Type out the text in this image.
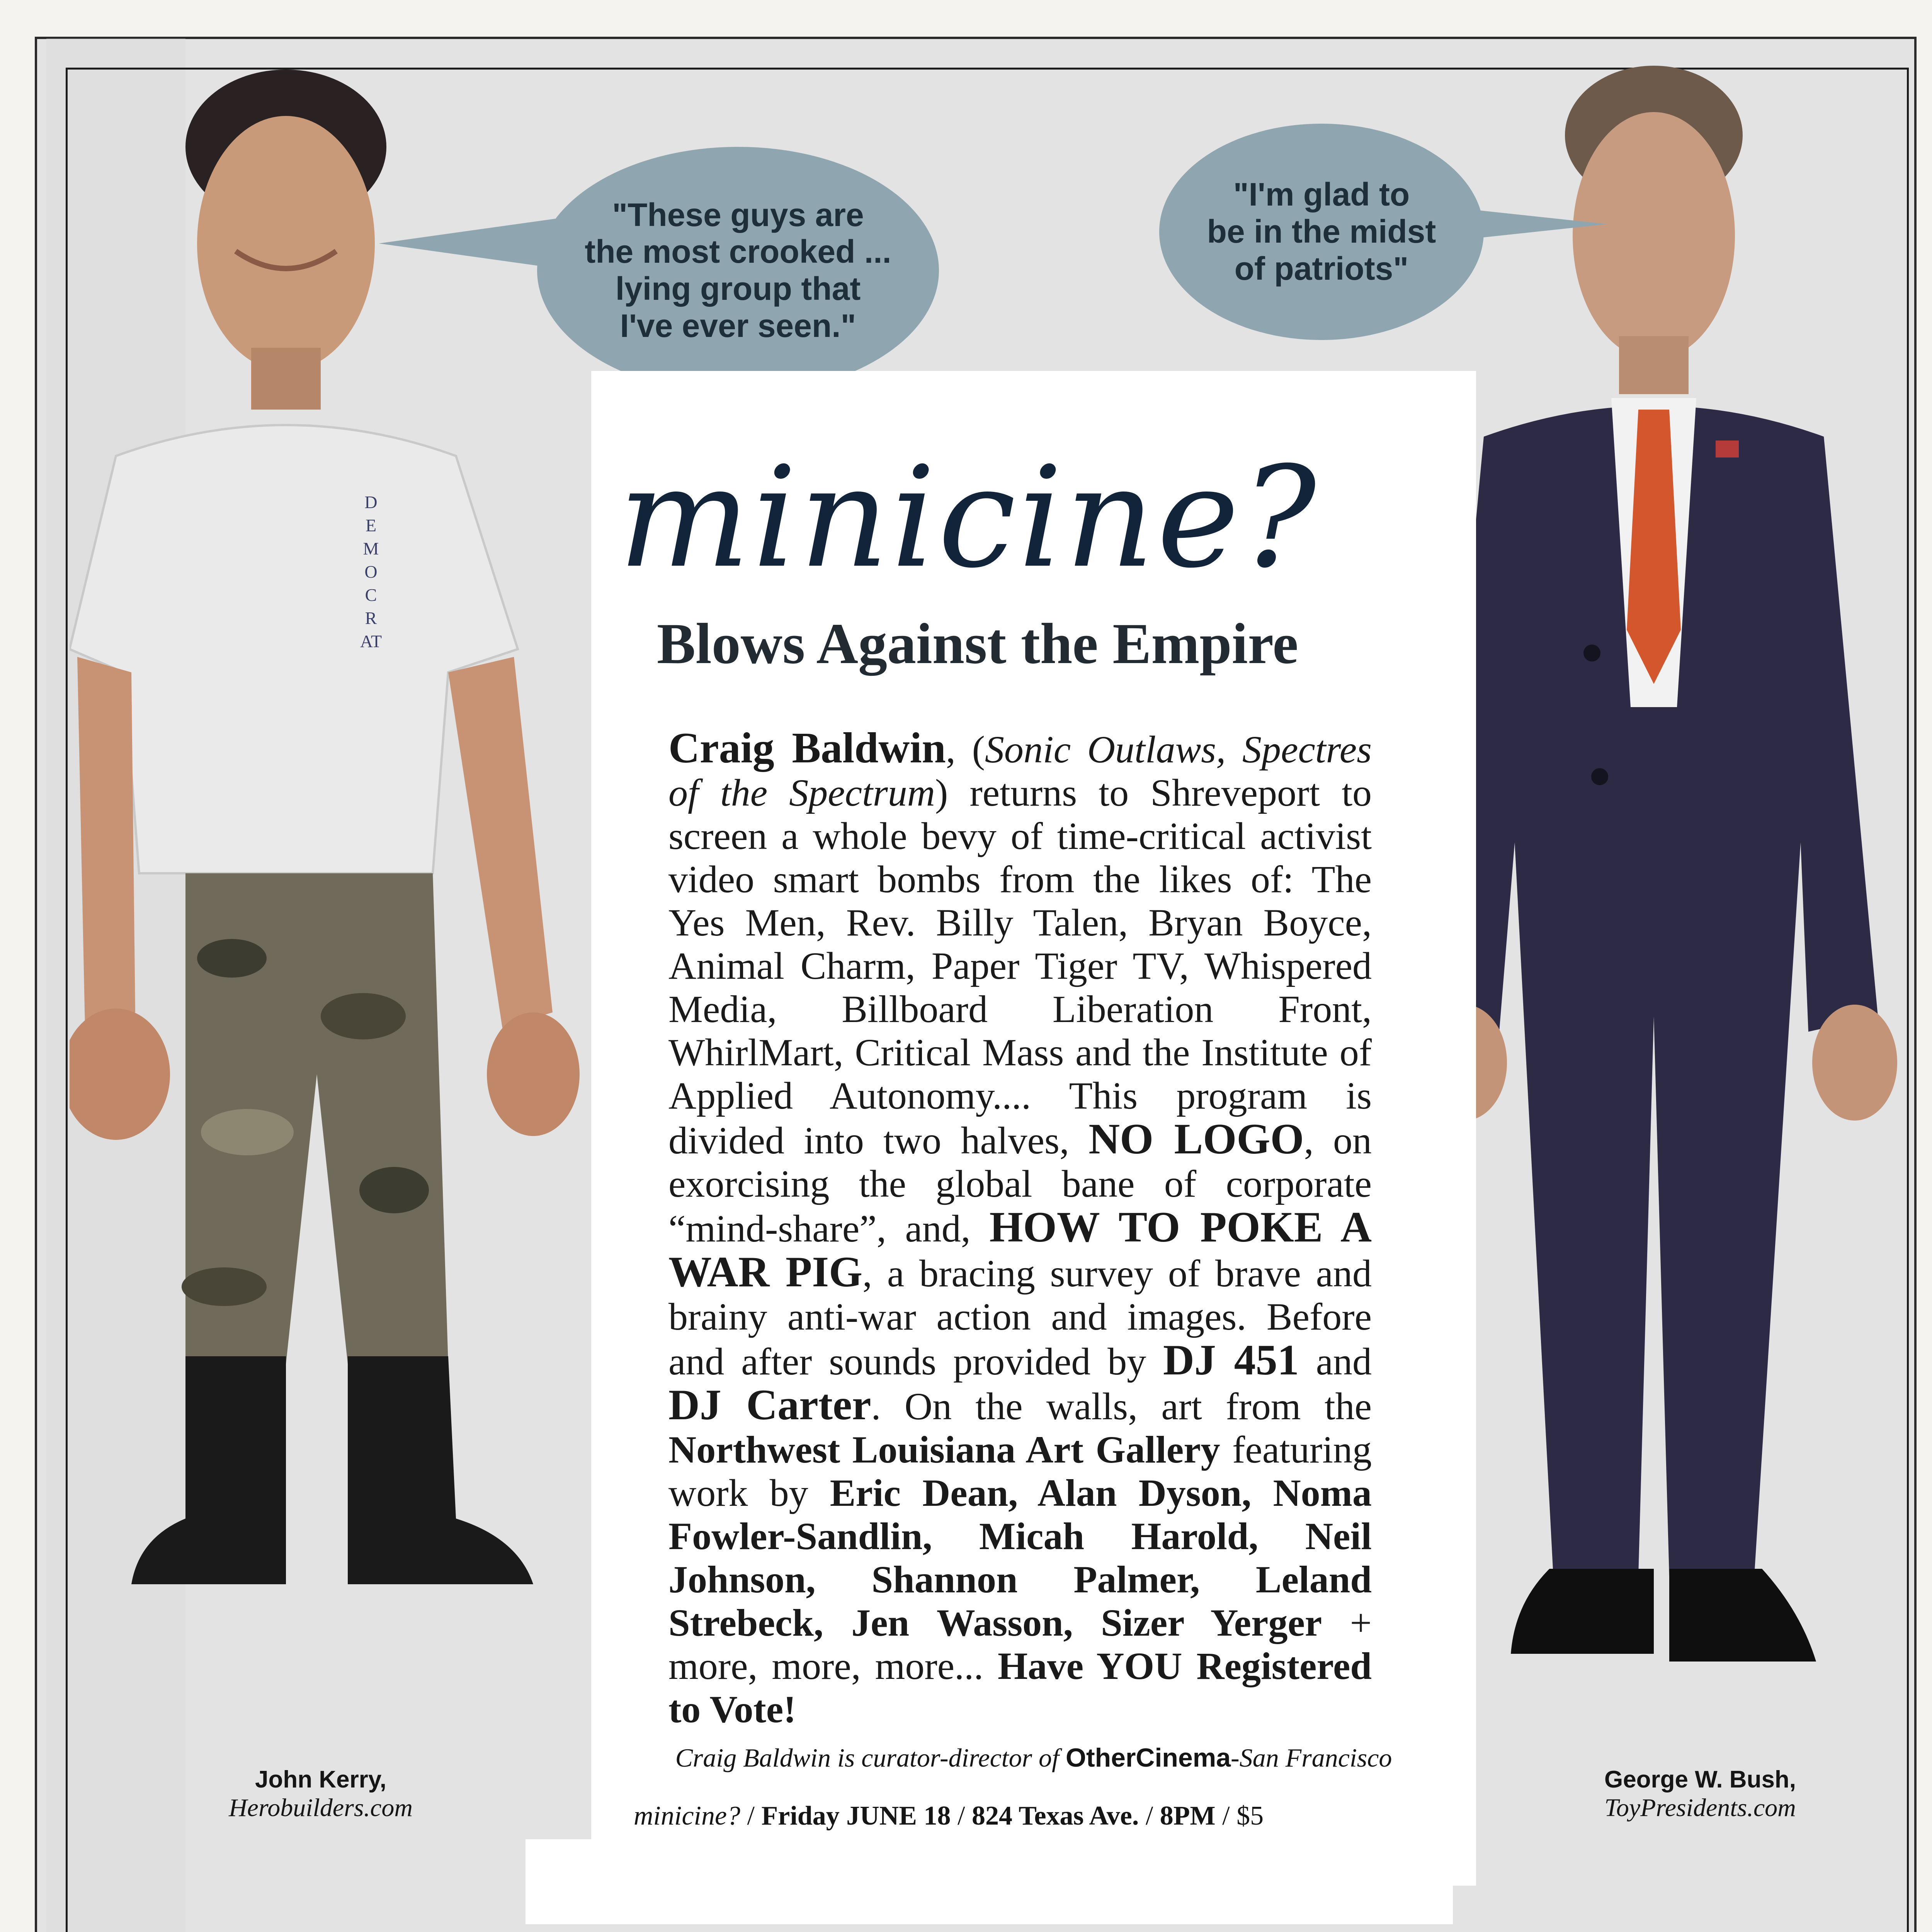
DEMOCRAT
"These guys are
the most crooked ...
lying group that
I've ever seen."
"I'm glad to
be in the midst
of patriots"
minicine?
Blows Against the Empire
Craig Baldwin, (Sonic Outlaws, Spectres of the Spectrum) returns to Shreveport to screen a whole bevy of time-critical activist video smart bombs from the likes of: The Yes Men, Rev. Billy Talen, Bryan Boyce, Animal Charm, Paper Tiger TV, Whispered Media, Billboard Liberation Front, WhirlMart, Critical Mass and the Institute of Applied Autonomy.... This program is divided into two halves, NO LOGO, on exorcising the global bane of corporate “mind-share”, and, HOW TO POKE A WAR PIG, a bracing survey of brave and brainy anti-war action and images. Before and after sounds provided by DJ 451 and DJ Carter. On the walls, art from the Northwest Louisiana Art Gallery featuring work by Eric Dean, Alan Dyson, Noma Fowler-Sandlin, Micah Harold, Neil Johnson, Shannon Palmer, Leland Strebeck, Jen Wasson, Sizer Yerger + more, more, more... Have YOU Registered to Vote!
Craig Baldwin is curator-director of OtherCinema-San Francisco
minicine? / Friday JUNE 18 / 824 Texas Ave. / 8PM / $5
John Kerry,
Herobuilders.com
George W. Bush,
ToyPresidents.com
